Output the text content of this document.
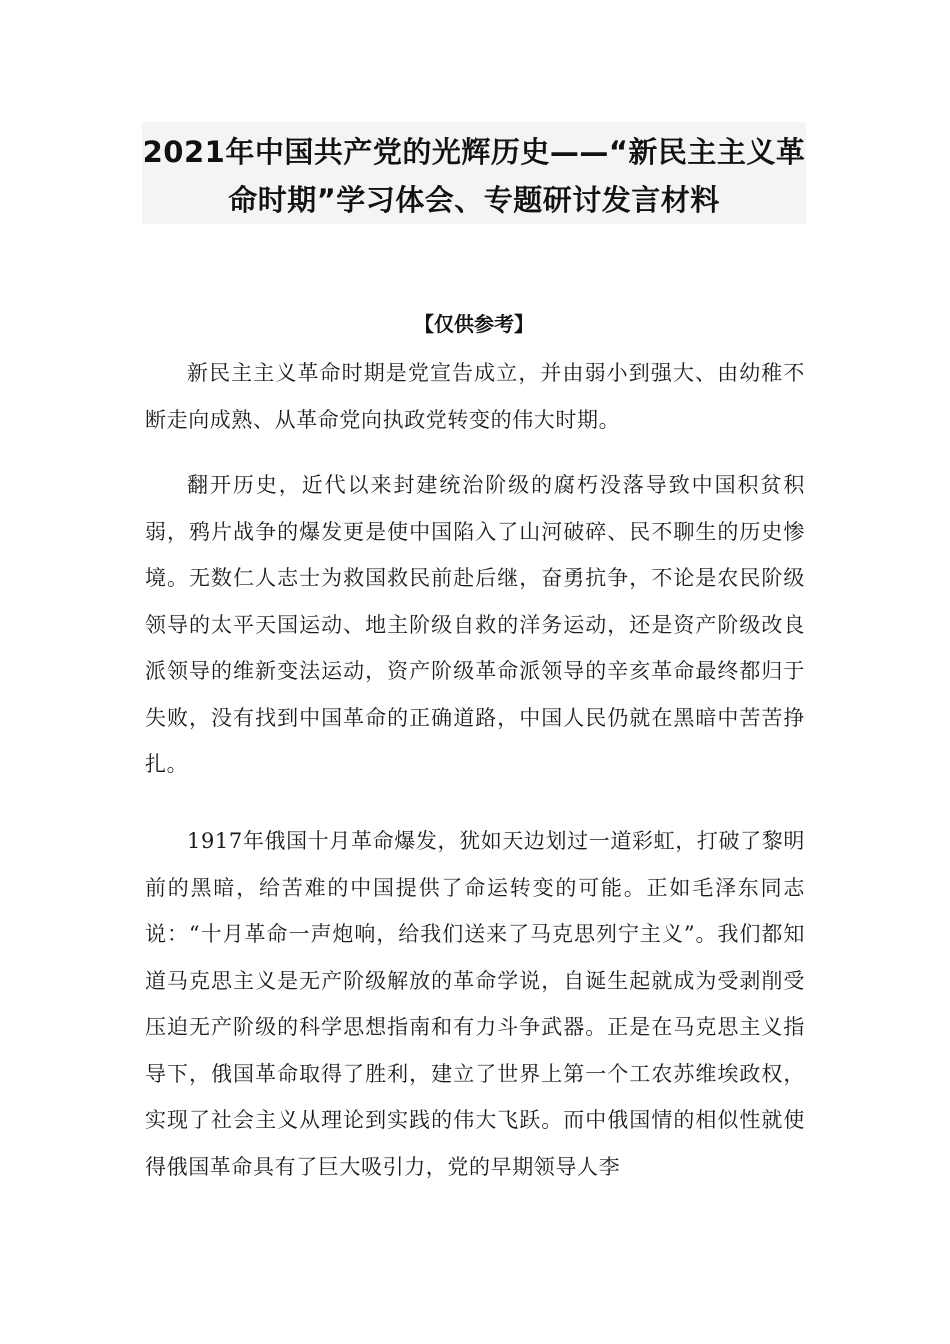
2021年中国共产党的光辉历史——“新民主主义革命时期”学习体会、专题研讨发言材料

【仅供参考】

新民主主义革命时期是党宣告成立，并由弱小到强大、由幼稚不断走向成熟、从革命党向执政党转变的伟大时期。

翻开历史，近代以来封建统治阶级的腐朽没落导致中国积贫积弱，鸦片战争的爆发更是使中国陷入了山河破碎、民不聊生的历史惨境。无数仁人志士为救国救民前赴后继，奋勇抗争，不论是农民阶级领导的太平天国运动、地主阶级自救的洋务运动，还是资产阶级改良派领导的维新变法运动，资产阶级革命派领导的辛亥革命最终都归于失败，没有找到中国革命的正确道路，中国人民仍就在黑暗中苦苦挣扎。

1917年俄国十月革命爆发，犹如天边划过一道彩虹，打破了黎明前的黑暗，给苦难的中国提供了命运转变的可能。正如毛泽东同志说：“十月革命一声炮响，给我们送来了马克思列宁主义”。我们都知道马克思主义是无产阶级解放的革命学说，自诞生起就成为受剥削受压迫无产阶级的科学思想指南和有力斗争武器。正是在马克思主义指导下，俄国革命取得了胜利，建立了世界上第一个工农苏维埃政权，实现了社会主义从理论到实践的伟大飞跃。而中俄国情的相似性就使得俄国革命具有了巨大吸引力，党的早期领导人李
